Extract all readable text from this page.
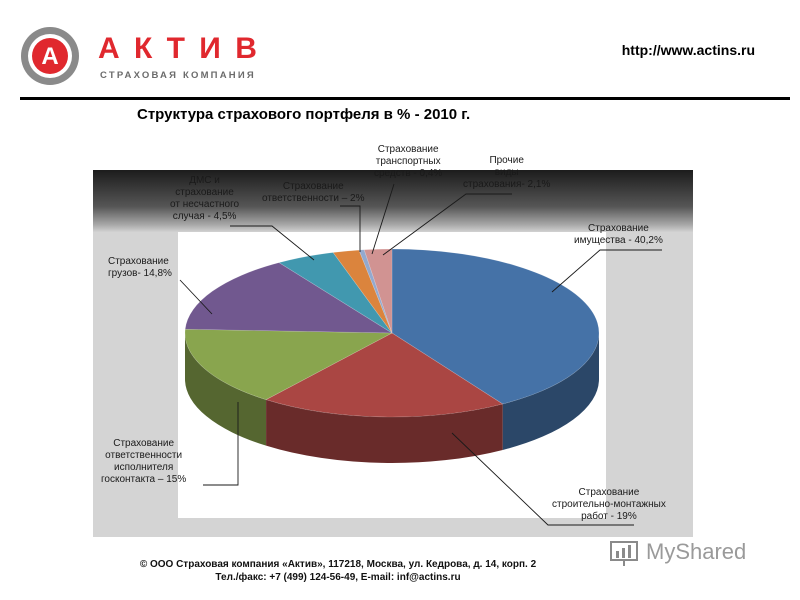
А А К Т И В
СТРАХОВАЯ КОМПАНИЯ
http://www.actins.ru
Структура страхового портфеля в % - 2010 г.
Страхование
имущества - 40,2%
Страхование
строительно-монтажных
работ - 19%
Страхование
ответственности
исполнителя
госконтакта – 15%
Страхование
грузов- 14,8%
ДМС и
страхование
от несчастного
случая - 4,5%
Страхование
ответственности – 2%
Страхование
транспортных
средств - 0,4%
Прочие
виды
страхования- 2,1%
© ООО Страховая компания «Актив», 117218, Москва, ул. Кедрова, д. 14, корп. 2
Тел./факс: +7 (499) 124-56-49, E-mail: inf@actins.ru
MyShared
